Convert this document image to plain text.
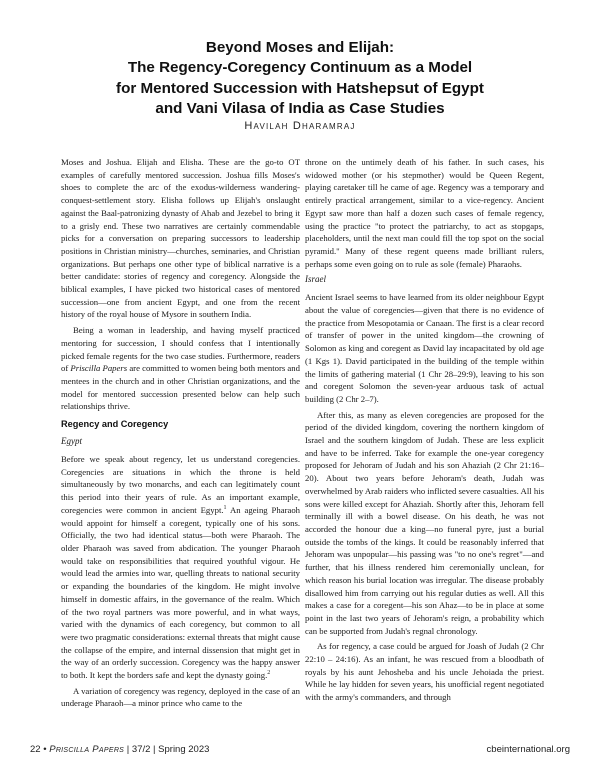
Beyond Moses and Elijah:
The Regency-Coregency Continuum as a Model
for Mentored Succession with Hatshepsut of Egypt
and Vani Vilasa of India as Case Studies
Havilah Dharamraj

Moses and Joshua. Elijah and Elisha. These are the go-to OT examples of carefully mentored succession. Joshua fills Moses's shoes to complete the arc of the exodus-wilderness wandering-conquest-settlement story. Elisha follows up Elijah's onslaught against the Baal-patronizing dynasty of Ahab and Jezebel to bring it to a grisly end. These two narratives are certainly commendable picks for a conversation on preparing successors to leadership positions in Christian ministry—churches, seminaries, and Christian organizations. But perhaps one other type of biblical narrative is a better candidate: stories of regency and coregency. Alongside the biblical examples, I have picked two historical cases of mentored succession—one from ancient Egypt, and one from the recent history of the royal house of Mysore in southern India.

Being a woman in leadership, and having myself practiced mentoring for succession, I should confess that I intentionally picked female regents for the two case studies. Furthermore, readers of Priscilla Papers are committed to women being both mentors and mentees in the church and in other Christian organizations, and the model for mentored succession presented below can help such relationships thrive.

Regency and Coregency
Egypt

Before we speak about regency, let us understand coregencies. Coregencies are situations in which the throne is held simultaneously by two monarchs, and each can legitimately count this period into their years of rule. As an important example, coregencies were common in ancient Egypt.$^1$ An ageing Pharaoh would appoint for himself a coregent, typically one of his sons. Officially, the two had identical status—both were Pharaoh. The older Pharaoh was saved from abdication. The younger Pharaoh would take on responsibilities that required youthful vigour. He would lead the armies into war, quelling threats to national security or expanding the boundaries of the kingdom. He might involve himself in domestic affairs, in the governance of the realm. Which of the two royal partners was more powerful, and in what ways, varied with the dynamics of each coregency, but common to all were two pragmatic considerations: external threats that might cause the collapse of the empire, and internal dissension that might get in the way of an orderly succession. Coregency was the happy answer to both. It kept the borders safe and kept the dynasty going.$^2$

A variation of coregency was regency, deployed in the case of an underage Pharaoh—a minor prince who came to the

throne on the untimely death of his father. In such cases, his widowed mother (or his stepmother) would be Queen Regent, playing caretaker till he came of age. Regency was a temporary and entirely practical arrangement, similar to a vice-regency. Ancient Egypt saw more than half a dozen such cases of female regency, using the practice "to protect the patriarchy, to act as stopgaps, placeholders, until the next man could fill the top spot on the social pyramid." Many of these regent queens made brilliant rulers, perhaps some even going on to rule as sole (female) Pharaohs.

Israel

Ancient Israel seems to have learned from its older neighbour Egypt about the value of coregencies—given that there is no evidence of the practice from Mesopotamia or Canaan. The first is a clear record of transfer of power in the united kingdom—the crowning of Solomon as king and coregent as David lay incapacitated by old age (1 Kgs 1). David participated in the building of the temple within the limits of gathering material (1 Chr 28–29:9), leaving to his son and coregent Solomon the seven-year arduous task of actual building (2 Chr 2–7).

After this, as many as eleven coregencies are proposed for the period of the divided kingdom, covering the northern kingdom of Israel and the southern kingdom of Judah. These are less explicit and have to be inferred. Take for example the one-year coregency proposed for Jehoram of Judah and his son Ahaziah (2 Chr 21:16–20). About two years before Jehoram's death, Judah was overwhelmed by Arab raiders who inflicted severe casualties. All his sons were killed except for Ahaziah. Shortly after this, Jehoram fell terminally ill with a bowel disease. On his death, he was not accorded the honour due a king—no funeral pyre, just a burial outside the tombs of the kings. It could be reasonably inferred that Jehoram was unpopular—his passing was "to no one's regret"—and further, that his illness rendered him ceremonially unclean, for which reason his burial location was irregular. The disease probably disallowed him from carrying out his regular duties as well. All this makes a case for a coregent—his son Ahaz—to be in place at some point in the last two years of Jehoram's reign, a probability which can be supported from Judah's regnal chronology.

As for regency, a case could be argued for Joash of Judah (2 Chr 22:10 – 24:16). As an infant, he was rescued from a bloodbath of royals by his aunt Jehosheba and his uncle Jehoiada the priest. While he lay hidden for seven years, his unofficial regent negotiated with the army's commanders, and through

22 • Priscilla Papers | 37/2 | Spring 2023	cbeinternational.org
